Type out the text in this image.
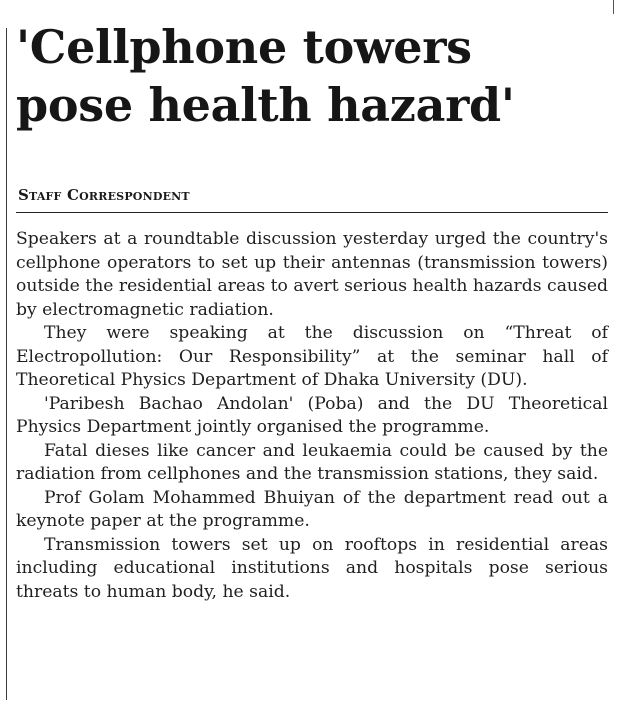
'Cellphone towers
pose health hazard'
Staff Correspondent

Speakers at a roundtable discussion yesterday urged the country's cellphone operators to set up their antennas (transmission towers) outside the residential areas to avert serious health hazards caused by electromagnetic radiation.

They were speaking at the discussion on “Threat of Electropollution: Our Responsibility” at the seminar hall of Theoretical Physics Department of Dhaka University (DU).

'Paribesh Bachao Andolan' (Poba) and the DU Theoretical Physics Department jointly organised the programme.

Fatal dieses like cancer and leukaemia could be caused by the radiation from cellphones and the transmission stations, they said.

Prof Golam Mohammed Bhuiyan of the department read out a keynote paper at the programme.

Transmission towers set up on rooftops in residential areas including educational institutions and hospitals pose serious threats to human body, he said.
